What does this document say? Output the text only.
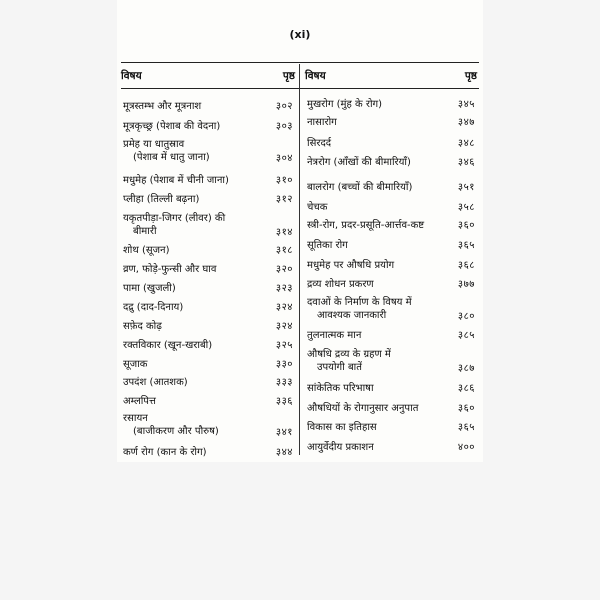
(xi)
विषय	पृष्ठ
मूत्रस्तम्भ और मूत्रनाश	३०२
मूत्रकृच्छ्र (पेशाब की वेदना)	३०३
प्रमेह या धातुस्राव
(पेशाब में धातु जाना)	३०४
मधुमेह (पेशाब में चीनी जाना)	३१०
प्लीहा (तिल्ली बढ़ना)	३१२
यकृतपीड़ा-जिगर (लीवर) की
बीमारी	३१४
शोथ (सूजन)	३१८
व्रण, फोड़े-फुन्सी और घाव	३२०
पामा (खुजली)	३२३
दद्रु (दाद-दिनाय)	३२४
सफ़ेद कोढ़	३२४
रक्तविकार (खून-खराबी)	३२५
सूजाक	३३०
उपदंश (आतशक)	३३३
अम्लपित्त	३३६
रसायन
(बाजीकरण और पौरुष)	३४१
कर्ण रोग (कान के रोग)	३४४
विषय	पृष्ठ
मुखरोग (मुंह के रोग)	३४५
नासारोग	३४७
सिरदर्द	३४८
नेत्ररोग (आँखों की बीमारियाँ)	३४६
बालरोग (बच्चों की बीमारियाँ)	३५१
चेचक	३५८
स्त्री-रोग, प्रदर-प्रसूति-आर्त्तव-कष्ट	३६०
सूतिका रोग	३६५
मधुमेह पर औषधि प्रयोग	३६८
द्रव्य शोधन प्रकरण	३७७
दवाओं के निर्माण के विषय में
आवश्यक जानकारी	३८०
तुलनात्मक मान	३८५
औषधि द्रव्य के ग्रहण में
उपयोगी बातें	३८७
सांकेतिक परिभाषा	३८६
औषधियों के रोगानुसार अनुपात	३६०
विकास का इतिहास	३६५
आयुर्वेदीय प्रकाशन	४००
